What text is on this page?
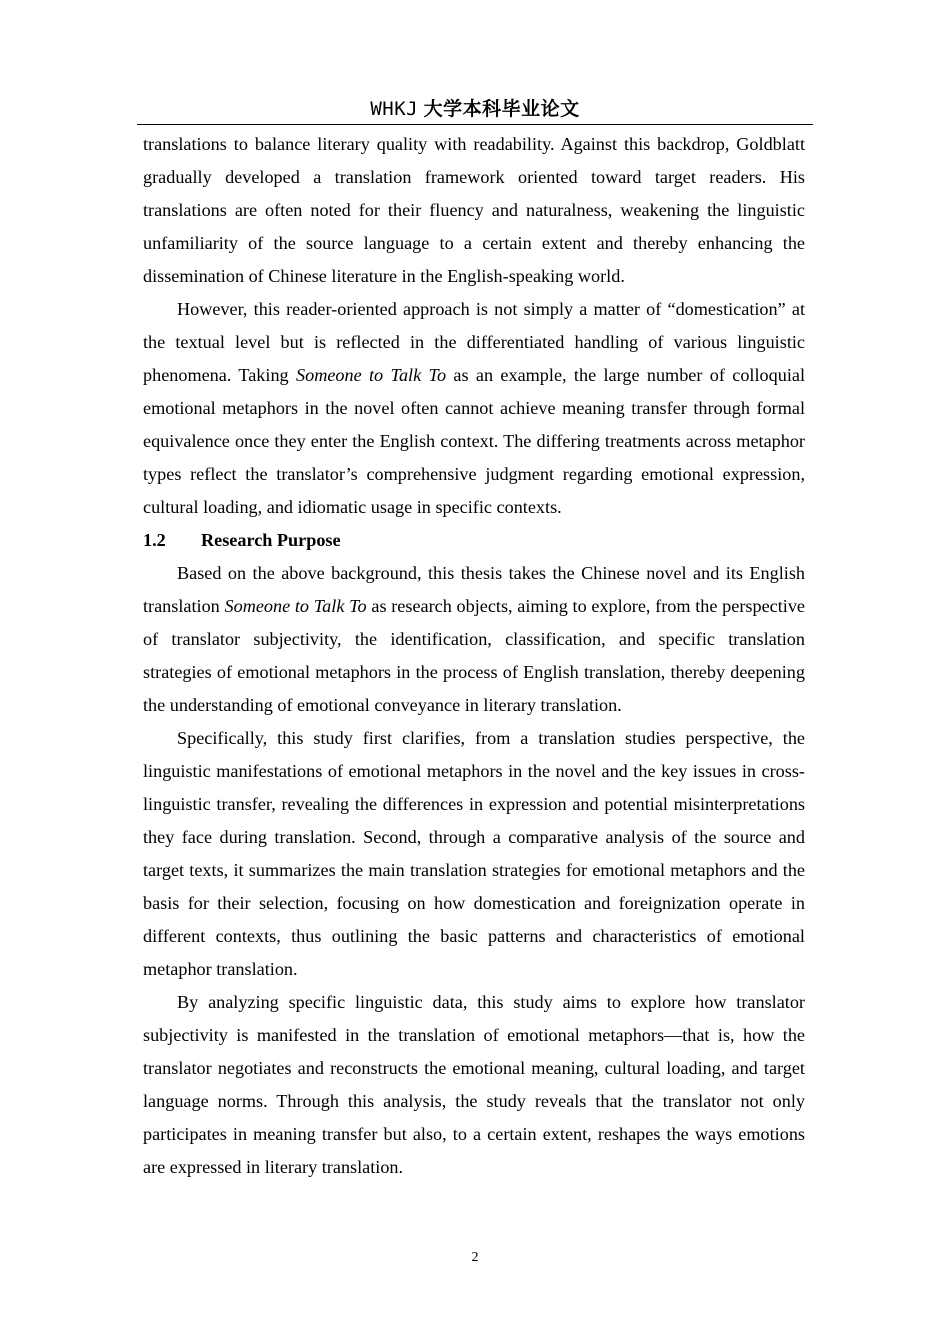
WHKJ 大学本科毕业论文

translations to balance literary quality with readability. Against this backdrop, Goldblatt gradually developed a translation framework oriented toward target readers. His translations are often noted for their fluency and naturalness, weakening the linguistic unfamiliarity of the source language to a certain extent and thereby enhancing the dissemination of Chinese literature in the English-speaking world.

However, this reader-oriented approach is not simply a matter of “domestication” at the textual level but is reflected in the differentiated handling of various linguistic phenomena. Taking Someone to Talk To as an example, the large number of colloquial emotional metaphors in the novel often cannot achieve meaning transfer through formal equivalence once they enter the English context. The differing treatments across metaphor types reflect the translator’s comprehensive judgment regarding emotional expression, cultural loading, and idiomatic usage in specific contexts.

1.2 Research Purpose

Based on the above background, this thesis takes the Chinese novel and its English translation Someone to Talk To as research objects, aiming to explore, from the perspective of translator subjectivity, the identification, classification, and specific translation strategies of emotional metaphors in the process of English translation, thereby deepening the understanding of emotional conveyance in literary translation.

Specifically, this study first clarifies, from a translation studies perspective, the linguistic manifestations of emotional metaphors in the novel and the key issues in cross-linguistic transfer, revealing the differences in expression and potential misinterpretations they face during translation. Second, through a comparative analysis of the source and target texts, it summarizes the main translation strategies for emotional metaphors and the basis for their selection, focusing on how domestication and foreignization operate in different contexts, thus outlining the basic patterns and characteristics of emotional metaphor translation.

By analyzing specific linguistic data, this study aims to explore how translator subjectivity is manifested in the translation of emotional metaphors—that is, how the translator negotiates and reconstructs the emotional meaning, cultural loading, and target language norms. Through this analysis, the study reveals that the translator not only participates in meaning transfer but also, to a certain extent, reshapes the ways emotions are expressed in literary translation.

2
